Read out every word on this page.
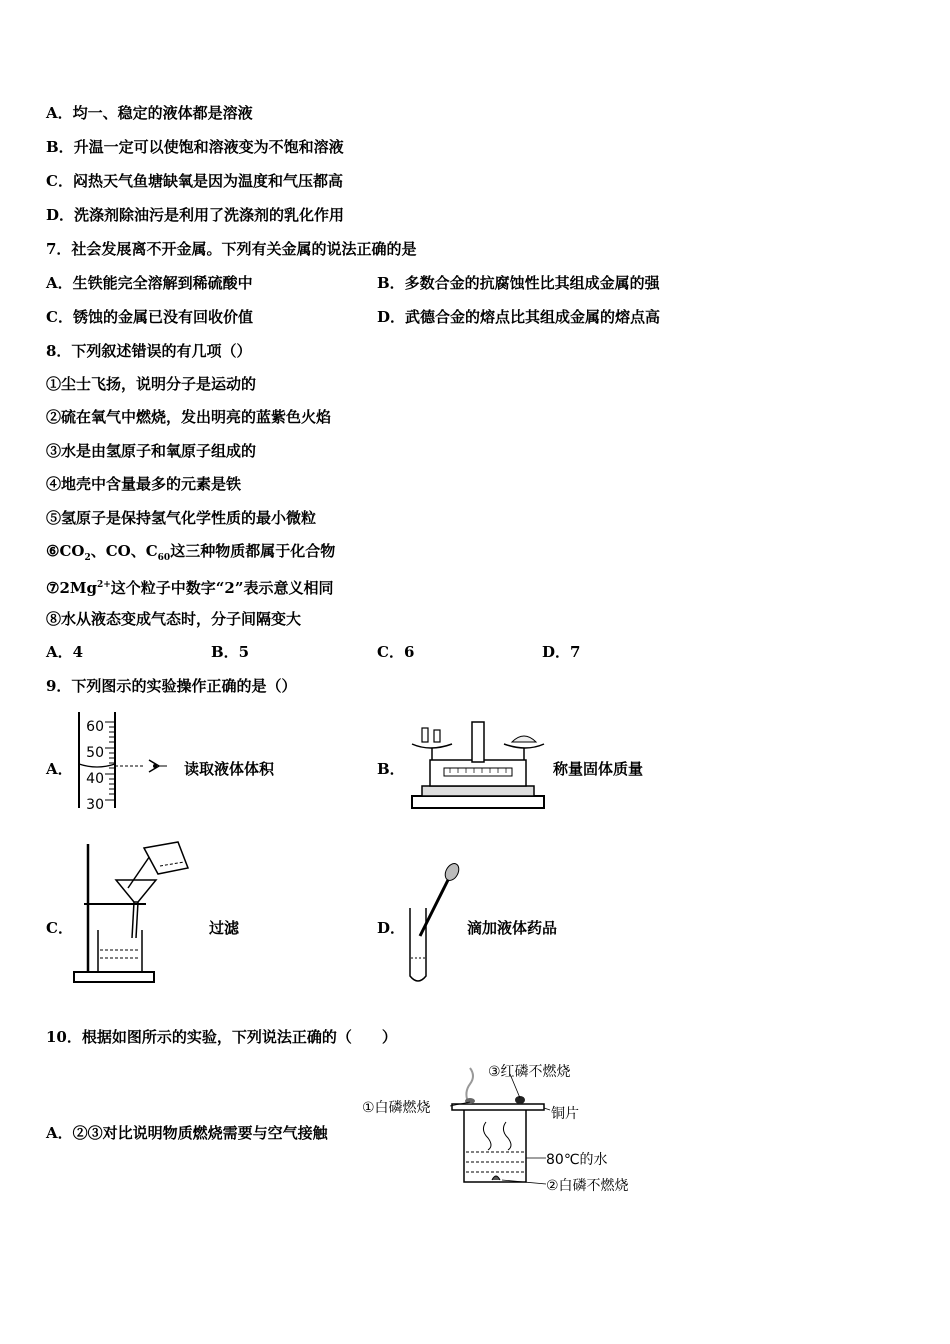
A．均一、稳定的液体都是溶液
B．升温一定可以使饱和溶液变为不饱和溶液
C．闷热天气鱼塘缺氧是因为温度和气压都高
D．洗涤剂除油污是利用了洗涤剂的乳化作用
7．社会发展离不开金属。下列有关金属的说法正确的是
A．生铁能完全溶解到稀硫酸中	B．多数合金的抗腐蚀性比其组成金属的强
C．锈蚀的金属已没有回收价值	D．武德合金的熔点比其组成金属的熔点高
8．下列叙述错误的有几项（）
①尘士飞扬，说明分子是运动的
②硫在氧气中燃烧，发出明亮的蓝紫色火焰
③水是由氢原子和氧原子组成的
④地壳中含量最多的元素是铁
⑤氢原子是保持氢气化学性质的最小微粒
$⑥CO_2$、CO、$C_{60}$这三种物质都属于化合物
$⑦2Mg^{2+}$这个粒子中数字“2”表示意义相同
⑧水从液态变成气态时，分子间隔变大
A．4	B．5	C．6	D．7
9．下列图示的实验操作正确的是（）
A．
60
50
40
30
读取液体体积	B．	称量固体质量
C．	过滤	D．	滴加液体药品
10．根据如图所示的实验，下列说法正确的（　　）
A．②③对比说明物质燃烧需要与空气接触
③红磷不燃烧
①白磷燃烧	铜片
80℃的水
②白磷不燃烧
